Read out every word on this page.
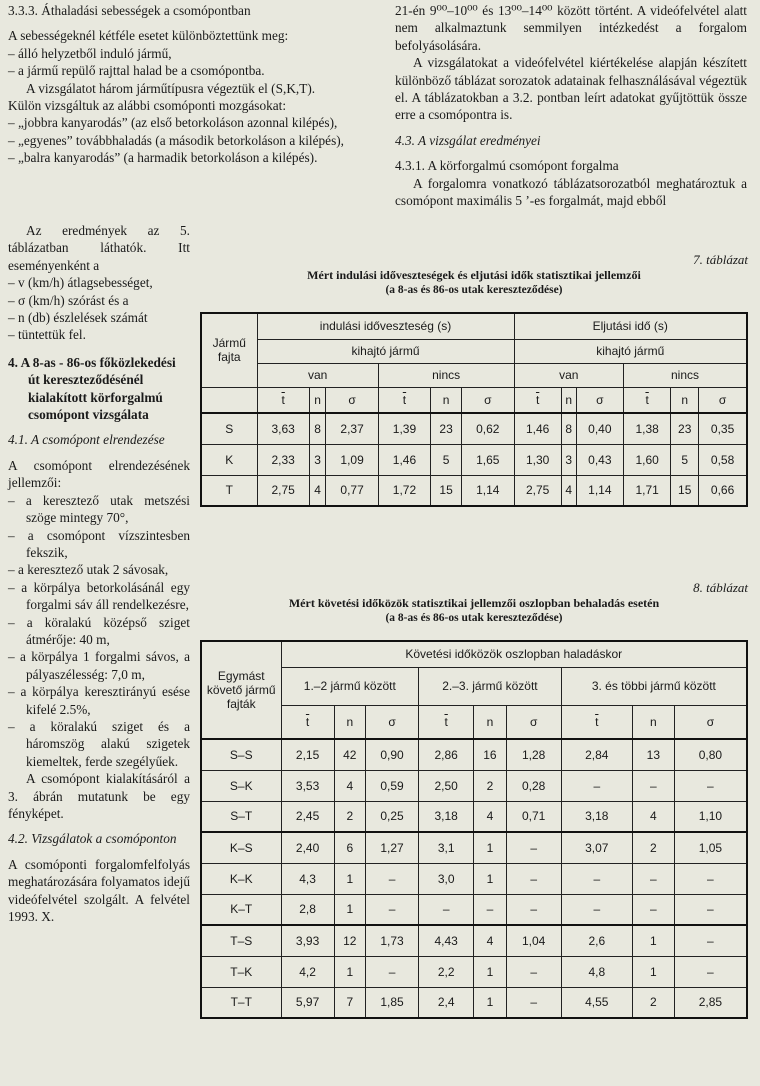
3.3.3. Áthaladási sebességek a csomópontban

A sebességeknél kétféle esetet különböztettünk meg:

– álló helyzetből induló jármű,

– a jármű repülő rajttal halad be a csomópontba.

A vizsgálatot három járműtípusra végeztük el (S,K,T).

Külön vizsgáltuk az alábbi csomóponti mozgásokat:

– „jobbra kanyarodás” (az első betorkoláson azonnal kilépés),

– „egyenes” továbbhaladás (a második betorkoláson a kilépés),

– „balra kanyarodás” (a harmadik betorkoláson a kilépés).

Az eredmények az 5. táblázatban láthatók. Itt eseményenként a

– v (km/h) átlagsebességet,

– σ (km/h) szórást és a

– n (db) észlelések számát

– tüntettük fel.

4. A 8-as - 86-os főközlekedési út kereszteződésénél kialakított körforgalmú csomópont vizsgálata

4.1. A csomópont elrendezése

A csomópont elrendezésének jellemzői:

– a keresztező utak metszési szöge mintegy 70°,

– a csomópont vízszintesben fekszik,

– a keresztező utak 2 sávosak,

– a körpálya betorkolásánál egy forgalmi sáv áll rendelkezésre,

– a köralakú középső sziget átmérője: 40 m,

– a körpálya 1 forgalmi sávos, a pályaszélesség: 7,0 m,

– a körpálya keresztirányú esése kifelé 2.5%,

– a köralakú sziget és a háromszög alakú szigetek kiemeltek, ferde szegélyűek.

A csomópont kialakításáról a 3. ábrán mutatunk be egy fényképet.

4.2. Vizsgálatok a csomóponton

A csomóponti forgalomfelfolyás meghatározására folyamatos idejű videófelvétel szolgált. A felvétel 1993. X.

21-én 9⁰⁰–10⁰⁰ és 13⁰⁰–14⁰⁰ között történt. A videófelvétel alatt nem alkalmaztunk semmilyen intézkedést a forgalom befolyásolására.

A vizsgálatokat a videófelvétel kiértékelése alapján készített különböző táblázat sorozatok adatainak felhasználásával végeztük el. A táblázatokban a 3.2. pontban leírt adatokat gyűjtöttük össze erre a csomópontra is.

4.3. A vizsgálat eredményei

4.3.1. A körforgalmú csomópont forgalma

A forgalomra vonatkozó táblázatsorozatból meghatároztuk a csomópont maximális 5 ’-es forgalmát, majd ebből

7. táblázat

Mért indulási időveszteségek és eljutási idők statisztikai jellemzői

(a 8-as és 86-os utak kereszteződése)

Jármű fajta	indulási időveszteség (s)						Eljutási idő (s)					
	kihajtó jármű						kihajtó jármű					
	van			nincs			van			nincs		
	$\overline{t}$	n	σ	$\overline{t}$	n	σ	$\overline{t}$	n	σ	$\overline{t}$	n	σ
S	3,63	8	2,37	1,39	23	0,62	1,46	8	0,40	1,38	23	0,35
K	2,33	3	1,09	1,46	5	1,65	1,30	3	0,43	1,60	5	0,58
T	2,75	4	0,77	1,72	15	1,14	2,75	4	1,14	1,71	15	0,66

8. táblázat

Mért követési időközök statisztikai jellemzői oszlopban behaladás esetén

(a 8-as és 86-os utak kereszteződése)

Egymást követő jármű fajták	Követési időközök oszlopban haladáskor								
	1.–2 jármű között			2.–3. jármű között			3. és többi jármű között		
	$\overline{t}$	n	σ	$\overline{t}$	n	σ	$\overline{t}$	n	σ
S–S	2,15	42	0,90	2,86	16	1,28	2,84	13	0,80
S–K	3,53	4	0,59	2,50	2	0,28	–	–	–
S–T	2,45	2	0,25	3,18	4	0,71	3,18	4	1,10
K–S	2,40	6	1,27	3,1	1	–	3,07	2	1,05
K–K	4,3	1	–	3,0	1	–	–	–	–
K–T	2,8	1	–	–	–	–	–	–	–
T–S	3,93	12	1,73	4,43	4	1,04	2,6	1	–
T–K	4,2	1	–	2,2	1	–	4,8	1	–
T–T	5,97	7	1,85	2,4	1	–	4,55	2	2,85
